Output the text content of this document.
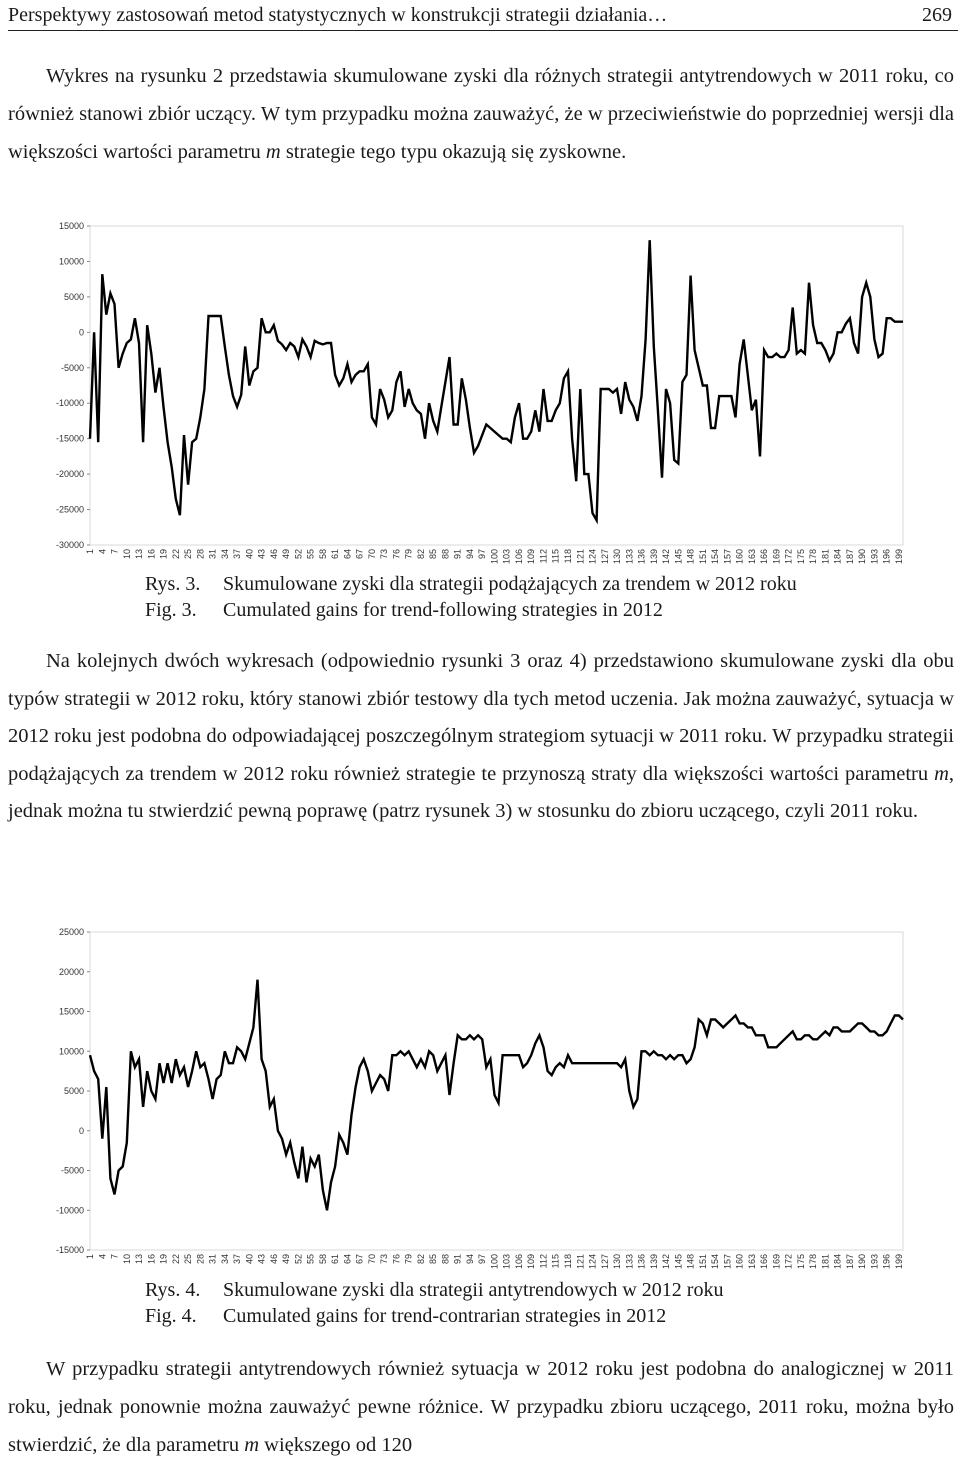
Perspektywy zastosowań metod statystycznych w konstrukcji strategii działania…	269

Wykres na rysunku 2 przedstawia skumulowane zyski dla różnych strategii antytrendowych w 2011 roku, co również stanowi zbiór uczący. W tym przypadku można zauważyć, że w przeciwieństwie do poprzedniej wersji dla większości wartości parametru m strategie tego typu okazują się zyskowne.

15000
10000
5000
0
-5000
-10000
-15000
-20000
-25000
-30000
1 4 7 10 13 16 19 22 25 28 31 34 37 40 43 46 49 52 55 58 61 64 67 70 73 76 79 82 85 88 91 94 97 100 103 106 109 112 115 118 121 124 127 130 133 136 139 142 145 148 151 154 157 160 163 166 169 172 175 178 181 184 187 190 193 196 199
Rys. 3. Skumulowane zyski dla strategii podążających za trendem w 2012 roku
Fig. 3. Cumulated gains for trend-following strategies in 2012

Na kolejnych dwóch wykresach (odpowiednio rysunki 3 oraz 4) przedstawiono skumulowane zyski dla obu typów strategii w 2012 roku, który stanowi zbiór testowy dla tych metod uczenia. Jak można zauważyć, sytuacja w 2012 roku jest podobna do odpowiadającej poszczególnym strategiom sytuacji w 2011 roku. W przypadku strategii podążających za trendem w 2012 roku również strategie te przynoszą straty dla większości wartości parametru m, jednak można tu stwierdzić pewną poprawę (patrz rysunek 3) w stosunku do zbioru uczącego, czyli 2011 roku.

25000
20000
15000
10000
5000
0
-5000
-10000
-15000
1 4 7 10 13 16 19 22 25 28 31 34 37 40 43 46 49 52 55 58 61 64 67 70 73 76 79 82 85 88 91 94 97 100 103 106 109 112 115 118 121 124 127 130 133 136 139 142 145 148 151 154 157 160 163 166 169 172 175 178 181 184 187 190 193 196 199
Rys. 4. Skumulowane zyski dla strategii antytrendowych w 2012 roku
Fig. 4. Cumulated gains for trend-contrarian strategies in 2012

W przypadku strategii antytrendowych również sytuacja w 2012 roku jest podobna do analogicznej w 2011 roku, jednak ponownie można zauważyć pewne różnice. W przypadku zbioru uczącego, 2011 roku, można było stwierdzić, że dla parametru m większego od 120
